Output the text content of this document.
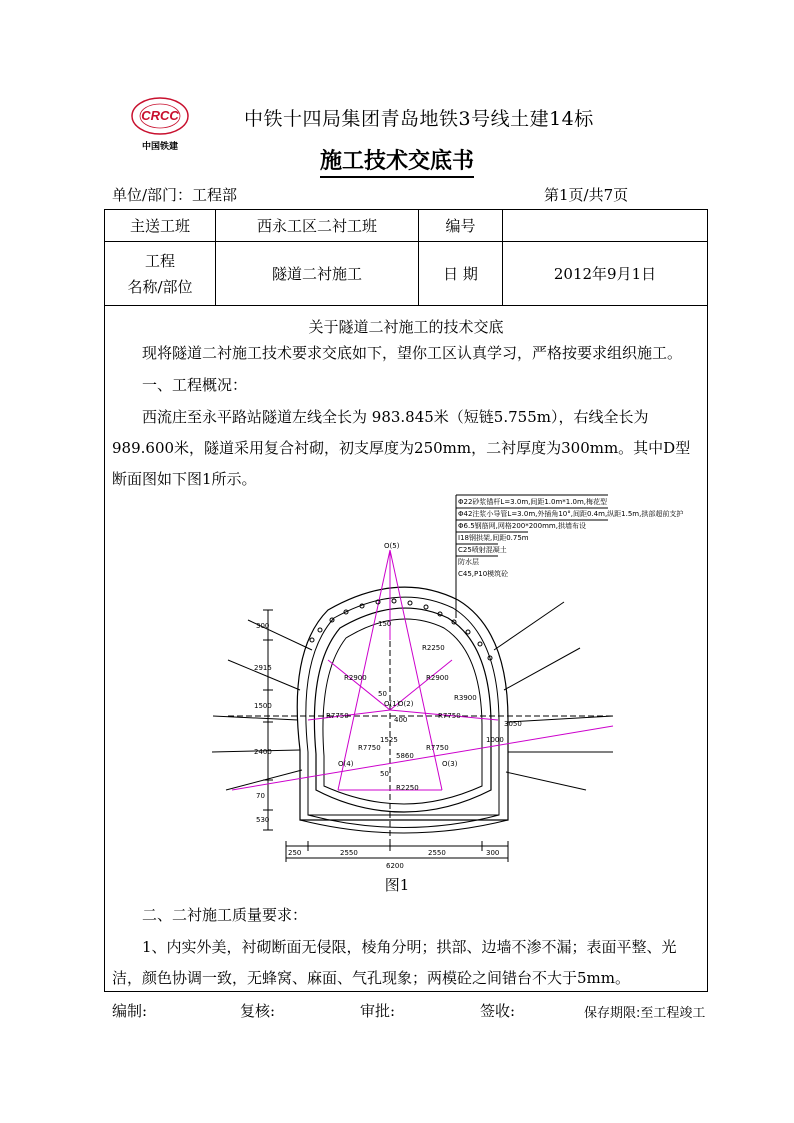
CRCC
中国铁建
中铁十四局集团青岛地铁3号线土建14标
施工技术交底书
单位/部门：工程部	第1页/共7页
主送工班	西永工区二衬工班	编号
工程
名称/部位
隧道二衬施工	日 期	2012年9月1日
关于隧道二衬施工的技术交底
现将隧道二衬施工技术要求交底如下，望你工区认真学习，严格按要求组织施工。
一、工程概况：
西流庄至永平路站隧道左线全长为 983.845米（短链5.755m），右线全长为989.600米，隧道采用复合衬砌，初支厚度为250mm，二衬厚度为300mm。其中D型断面图如下图1所示。
Φ22砂浆锚杆L=3.0m,间距1.0m*1.0m,梅花型
Φ42注浆小导管L=3.0m,外插角10°,间距0.4m,纵距1.5m,拱部超前支护
Φ6.5钢筋网,网格200*200mm,拱墙布设
I18钢拱架,间距0.75m
C25喷射混凝土
防水层
C45,P10模筑砼
O(5)
O(2)
O(1)
O(4)	O(3)
R7750
R2900	R2900
R7750
R7750	R7750
R2250
R2250
R3900
150
400
50
1525
50
3050
5860
1000
250	2550	2550	300
6200
300
2915
1500
2400
70
530
图1
二、二衬施工质量要求：
1、内实外美，衬砌断面无侵限，棱角分明；拱部、边墙不渗不漏；表面平整、光洁，颜色协调一致，无蜂窝、麻面、气孔现象；两模砼之间错台不大于5mm。
编制:	复核:	审批:	签收:	保存期限:至工程竣工
